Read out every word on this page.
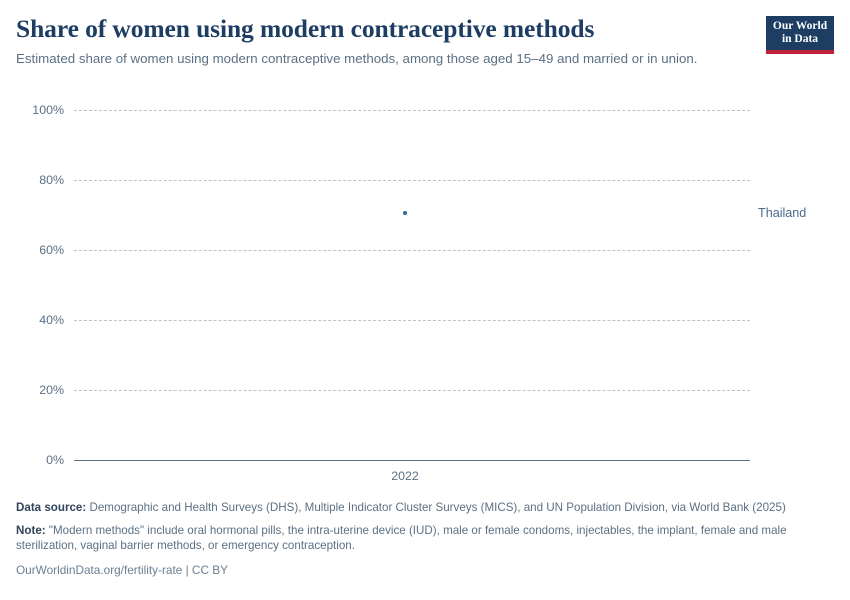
Share of women using modern contraceptive methods

Estimated share of women using modern contraceptive methods, among those aged 15–49 and married or in union.

Our World
in Data
100%
80%
60%
40%
20%
0%
2022
Thailand

Data source: Demographic and Health Surveys (DHS), Multiple Indicator Cluster Surveys (MICS), and UN Population Division, via World Bank (2025)

Note: "Modern methods" include oral hormonal pills, the intra-uterine device (IUD), male or female condoms, injectables, the implant, female and male sterilization, vaginal barrier methods, or emergency contraception.

OurWorldinData.org/fertility-rate | CC BY
